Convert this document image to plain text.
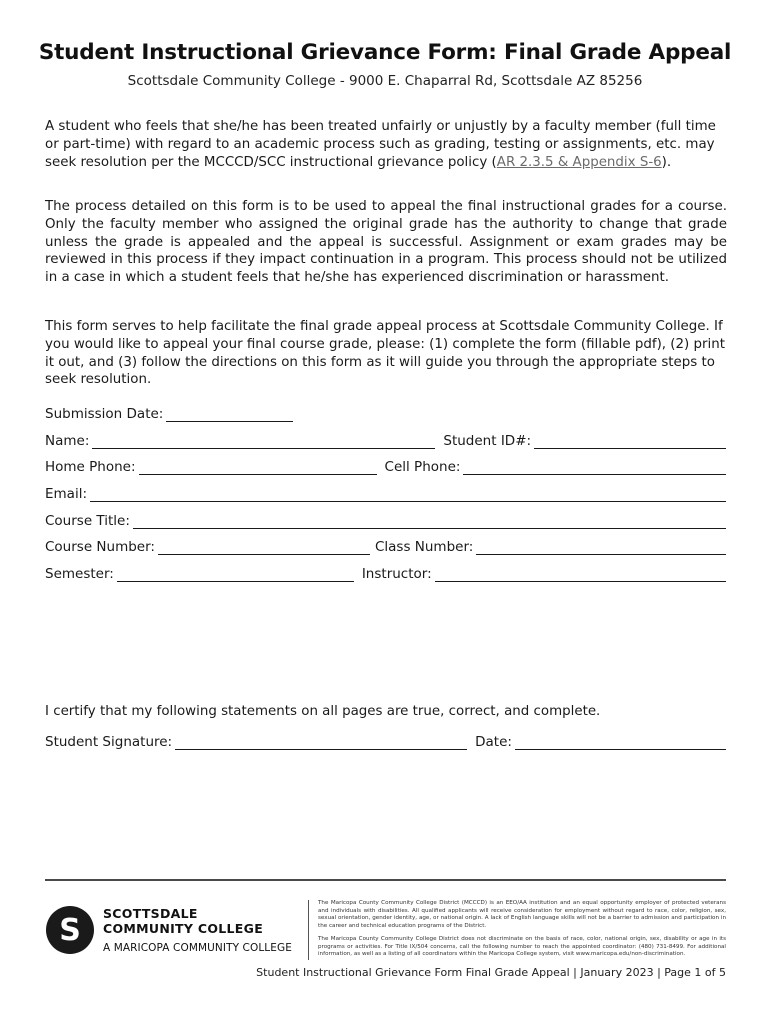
Student Instructional Grievance Form: Final Grade Appeal
Scottsdale Community College - 9000 E. Chaparral Rd, Scottsdale AZ 85256

A student who feels that she/he has been treated unfairly or unjustly by a faculty member (full time or part-time) with regard to an academic process such as grading, testing or assignments, etc. may seek resolution per the MCCCD/SCC instructional grievance policy (AR 2.3.5 & Appendix S-6).

The process detailed on this form is to be used to appeal the final instructional grades for a course. Only the faculty member who assigned the original grade has the authority to change that grade unless the grade is appealed and the appeal is successful. Assignment or exam grades may be reviewed in this process if they impact continuation in a program. This process should not be utilized in a case in which a student feels that he/she has experienced discrimination or harassment.

This form serves to help facilitate the final grade appeal process at Scottsdale Community College. If you would like to appeal your final course grade, please: (1) complete the form (fillable pdf), (2) print it out, and (3) follow the directions on this form as it will guide you through the appropriate steps to seek resolution.

Submission Date:
Name:	Student ID#:
Home Phone:	Cell Phone:
Email:
Course Title:
Course Number:	Class Number:
Semester:	Instructor:
I certify that my following statements on all pages are true, correct, and complete.
Student Signature:	Date:
S SCOTTSDALE
COMMUNITY COLLEGE
A MARICOPA COMMUNITY COLLEGE

The Maricopa County Community College District (MCCCD) is an EEO/AA institution and an equal opportunity employer of protected veterans and individuals with disabilities. All qualified applicants will receive consideration for employment without regard to race, color, religion, sex, sexual orientation, gender identity, age, or national origin. A lack of English language skills will not be a barrier to admission and participation in the career and technical education programs of the District.

The Maricopa County Community College District does not discriminate on the basis of race, color, national origin, sex, disability or age in its programs or activities. For Title IX/504 concerns, call the following number to reach the appointed coordinator: (480) 731-8499. For additional information, as well as a listing of all coordinators within the Maricopa College system, visit www.maricopa.edu/non-discrimination.

Student Instructional Grievance Form Final Grade Appeal | January 2023 | Page 1 of 5
